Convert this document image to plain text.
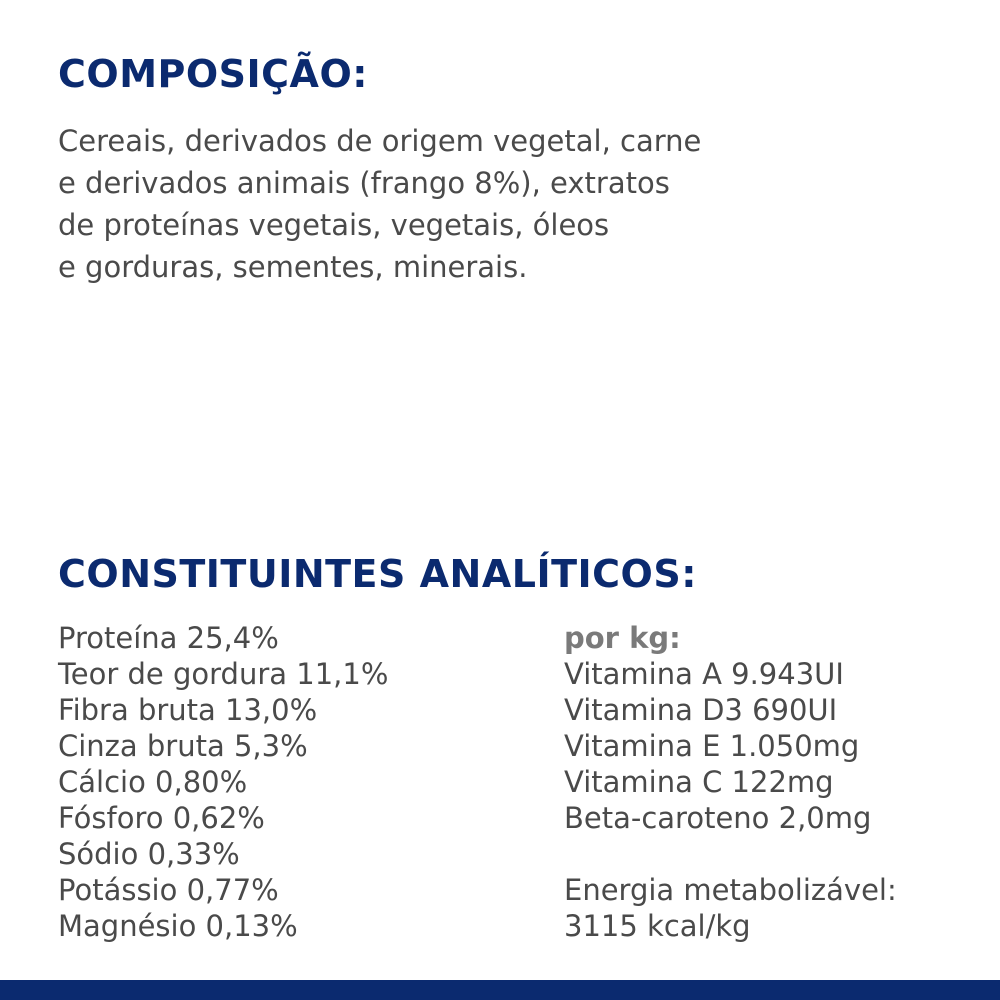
COMPOSIÇÃO:

Cereais, derivados de origem vegetal, carne
e derivados animais (frango 8%), extratos
de proteínas vegetais, vegetais, óleos
e gorduras, sementes, minerais.

CONSTITUINTES ANALÍTICOS:
Proteína 25,4%
Teor de gordura 11,1%
Fibra bruta 13,0%
Cinza bruta 5,3%
Cálcio 0,80%
Fósforo 0,62%
Sódio 0,33%
Potássio 0,77%
Magnésio 0,13%
por kg:
Vitamina A 9.943UI
Vitamina D3 690UI
Vitamina E 1.050mg
Vitamina C 122mg
Beta-caroteno 2,0mg
Energia metabolizável:
3115 kcal/kg
